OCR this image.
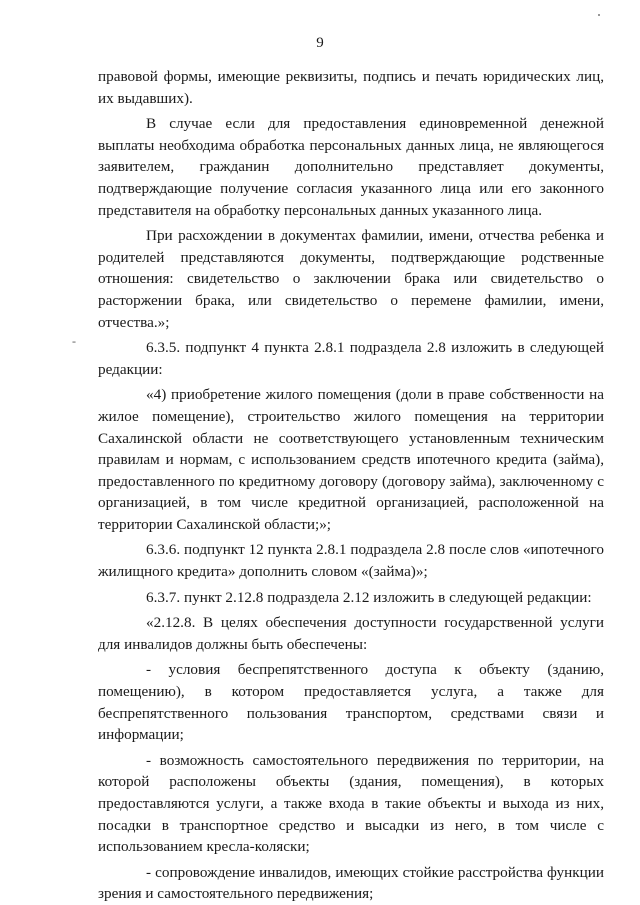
9
-

правовой формы, имеющие реквизиты, подпись и печать юридических лиц, их выдавших).

В случае если для предоставления единовременной денежной выплаты необходима обработка персональных данных лица, не являющегося заявителем, гражданин дополнительно представляет документы, подтверждающие получение согласия указанного лица или его законного представителя на обработку персональных данных указанного лица.

При расхождении в документах фамилии, имени, отчества ребенка и родителей представляются документы, подтверждающие родственные отношения: свидетельство о заключении брака или свидетельство о расторжении брака, или свидетельство о перемене фамилии, имени, отчества.»;

6.3.5. подпункт 4 пункта 2.8.1 подраздела 2.8 изложить в следующей редакции:

«4) приобретение жилого помещения (доли в праве собственности на жилое помещение), строительство жилого помещения на территории Сахалинской области не соответствующего установленным техническим правилам и нормам, с использованием средств ипотечного кредита (займа), предоставленного по кредитному договору (договору займа), заключенному с организацией, в том числе кредитной организацией, расположенной на территории Сахалинской области;»;

6.3.6. подпункт 12 пункта 2.8.1 подраздела 2.8 после слов «ипотечного жилищного кредита» дополнить словом «(займа)»;

6.3.7. пункт 2.12.8 подраздела 2.12 изложить в следующей редакции:

«2.12.8. В целях обеспечения доступности государственной услуги для инвалидов должны быть обеспечены:

- условия беспрепятственного доступа к объекту (зданию, помещению), в котором предоставляется услуга, а также для беспрепятственного пользования транспортом, средствами связи и информации;

- возможность самостоятельного передвижения по территории, на которой расположены объекты (здания, помещения), в которых предоставляются услуги, а также входа в такие объекты и выхода из них, посадки в транспортное средство и высадки из него, в том числе с использованием кресла-коляски;

- сопровождение инвалидов, имеющих стойкие расстройства функции зрения и самостоятельного передвижения;
